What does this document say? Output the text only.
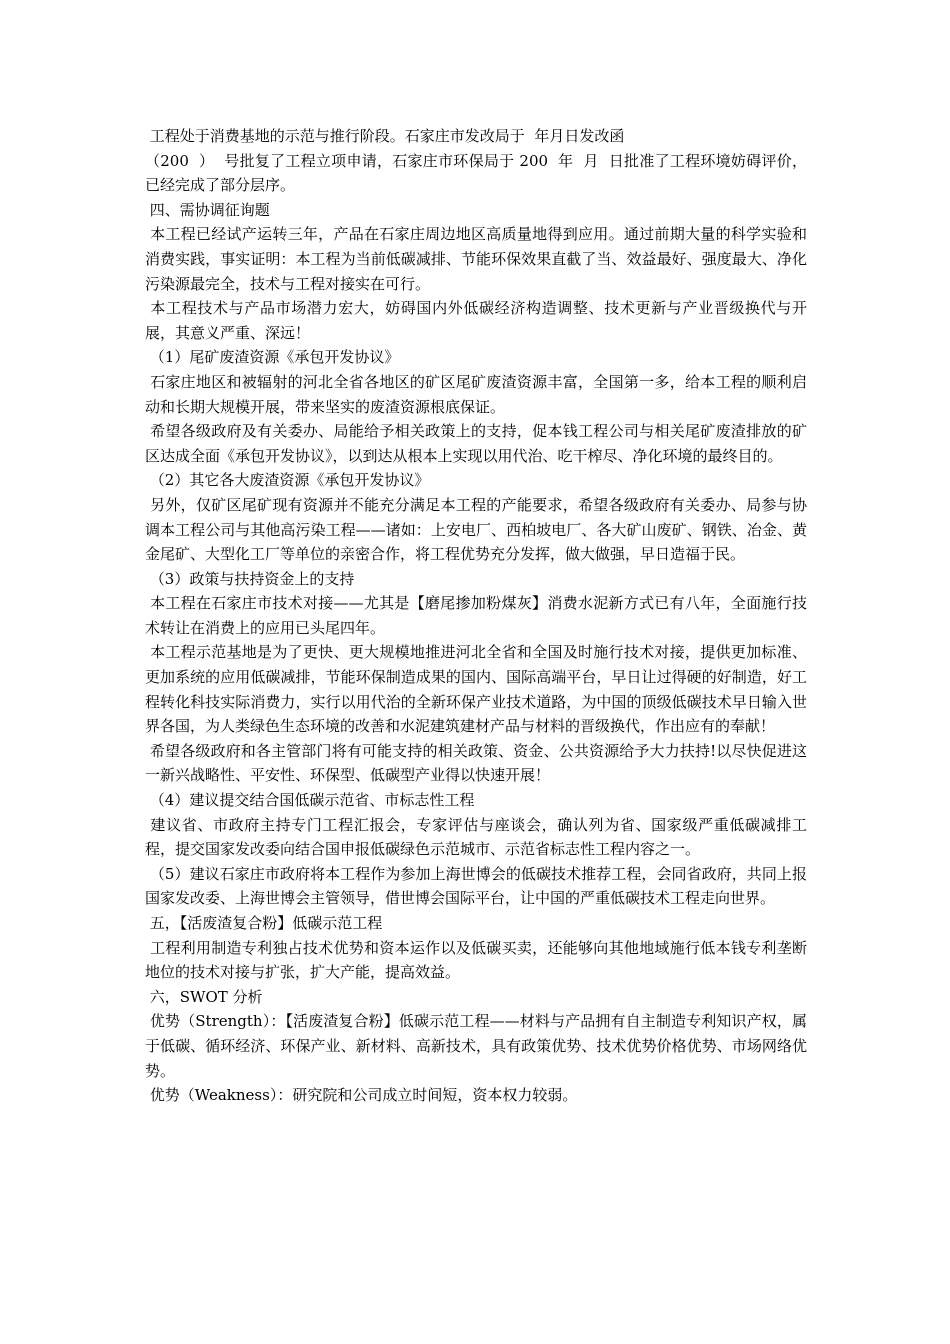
工程处于消费基地的示范与推行阶段。石家庄市发改局于  年月日发改函

（200  ）  号批复了工程立项申请，石家庄市环保局于 200  年  月  日批准了工程环境妨碍评价，已经完成了部分层序。

四、需协调征询题

本工程已经试产运转三年，产品在石家庄周边地区高质量地得到应用。通过前期大量的科学实验和消费实践，事实证明：本工程为当前低碳减排、节能环保效果直截了当、效益最好、强度最大、净化污染源最完全，技术与工程对接实在可行。

本工程技术与产品市场潜力宏大，妨碍国内外低碳经济构造调整、技术更新与产业晋级换代与开展，其意义严重、深远！

（1）尾矿废渣资源《承包开发协议》

石家庄地区和被辐射的河北全省各地区的矿区尾矿废渣资源丰富，全国第一多，给本工程的顺利启动和长期大规模开展，带来坚实的废渣资源根底保证。

希望各级政府及有关委办、局能给予相关政策上的支持，促本钱工程公司与相关尾矿废渣排放的矿区达成全面《承包开发协议》，以到达从根本上实现以用代治、吃干榨尽、净化环境的最终目的。

（2）其它各大废渣资源《承包开发协议》

另外，仅矿区尾矿现有资源并不能充分满足本工程的产能要求，希望各级政府有关委办、局参与协调本工程公司与其他高污染工程——诸如：上安电厂、西柏坡电厂、各大矿山废矿、钢铁、冶金、黄金尾矿、大型化工厂等单位的亲密合作，将工程优势充分发挥，做大做强，早日造福于民。

（3）政策与扶持资金上的支持

本工程在石家庄市技术对接——尤其是【磨尾掺加粉煤灰】消费水泥新方式已有八年，全面施行技术转让在消费上的应用已头尾四年。

本工程示范基地是为了更快、更大规模地推进河北全省和全国及时施行技术对接，提供更加标准、更加系统的应用低碳减排，节能环保制造成果的国内、国际高端平台，早日让过得硬的好制造，好工程转化科技实际消费力，实行以用代治的全新环保产业技术道路，为中国的顶级低碳技术早日输入世界各国，为人类绿色生态环境的改善和水泥建筑建材产品与材料的晋级换代，作出应有的奉献！

希望各级政府和各主管部门将有可能支持的相关政策、资金、公共资源给予大力扶持!以尽快促进这一新兴战略性、平安性、环保型、低碳型产业得以快速开展！

（4）建议提交结合国低碳示范省、市标志性工程

建议省、市政府主持专门工程汇报会，专家评估与座谈会，确认列为省、国家级严重低碳减排工程，提交国家发改委向结合国申报低碳绿色示范城市、示范省标志性工程内容之一。

（5）建议石家庄市政府将本工程作为参加上海世博会的低碳技术推荐工程，会同省政府，共同上报国家发改委、上海世博会主管领导，借世博会国际平台，让中国的严重低碳技术工程走向世界。

五，【活废渣复合粉】低碳示范工程

工程利用制造专利独占技术优势和资本运作以及低碳买卖，还能够向其他地域施行低本钱专利垄断地位的技术对接与扩张，扩大产能，提高效益。

六，SWOT 分析

优势（Strength）：【活废渣复合粉】低碳示范工程——材料与产品拥有自主制造专利知识产权，属于低碳、循环经济、环保产业、新材料、高新技术，具有政策优势、技术优势价格优势、市场网络优势。

优势（Weakness）：研究院和公司成立时间短，资本权力较弱。
